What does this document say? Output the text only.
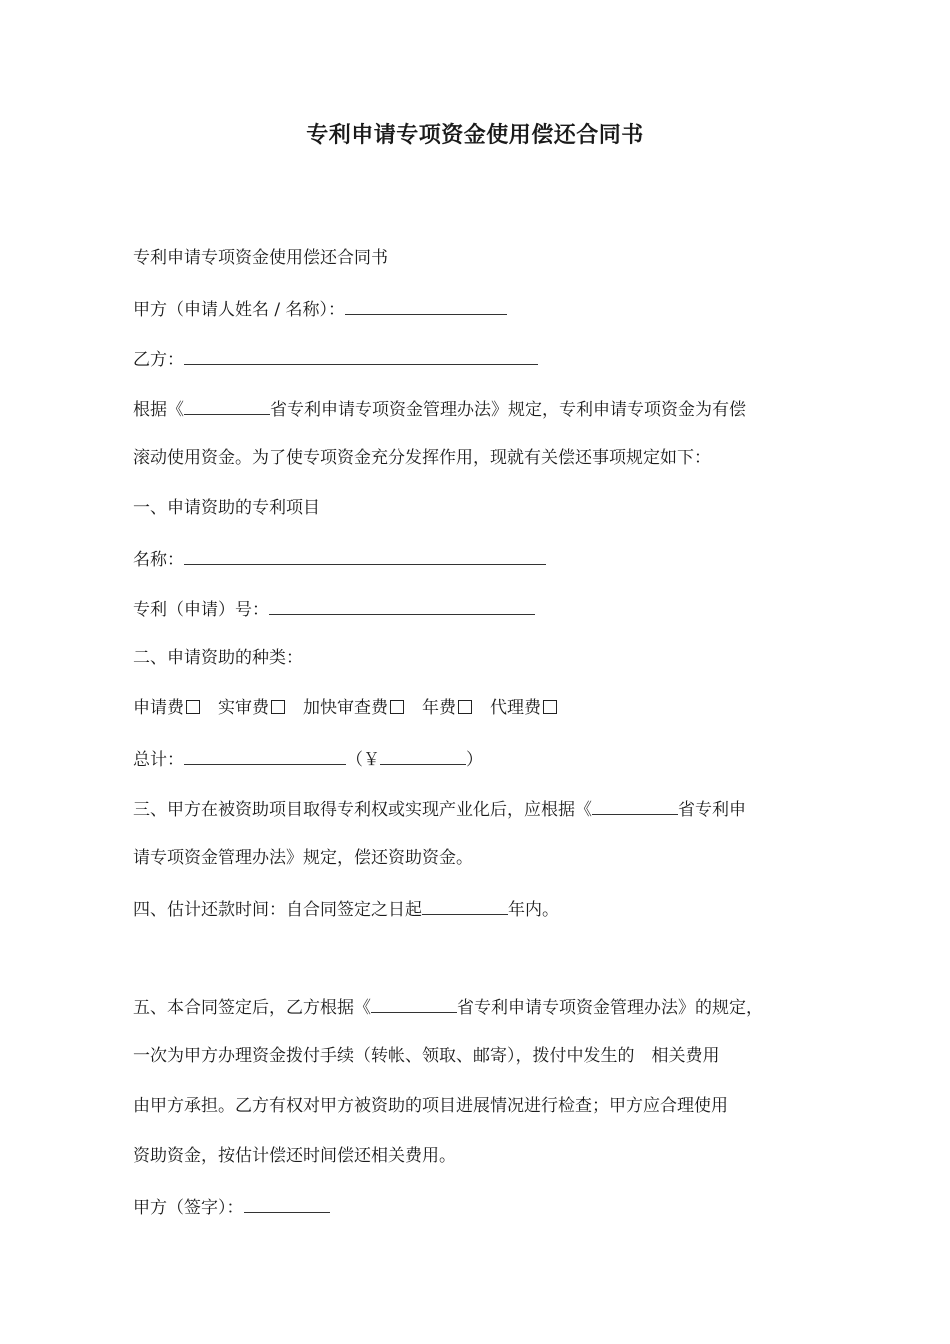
专利申请专项资金使用偿还合同书

专利申请专项资金使用偿还合同书

甲方（申请人姓名 / 名称）：

乙方：

根据《	省专利申请专项资金管理办法》规定，专利申请专项资金为有偿

滚动使用资金。为了使专项资金充分发挥作用，现就有关偿还事项规定如下：

一、申请资助的专利项目

名称：

专利（申请）号：

二、申请资助的种类：

申请费 实审费 加快审查费 年费 代理费

总计：	（￥	）

三、甲方在被资助项目取得专利权或实现产业化后，应根据《	省专利申

请专项资金管理办法》规定，偿还资助资金。

四、估计还款时间：自合同签定之日起	年内。

五、本合同签定后，乙方根据《	省专利申请专项资金管理办法》的规定，

一次为甲方办理资金拨付手续（转帐、领取、邮寄），拨付中发生的　相关费用

由甲方承担。乙方有权对甲方被资助的项目进展情况进行检查；甲方应合理使用

资助资金，按估计偿还时间偿还相关费用。

甲方（签字）：
